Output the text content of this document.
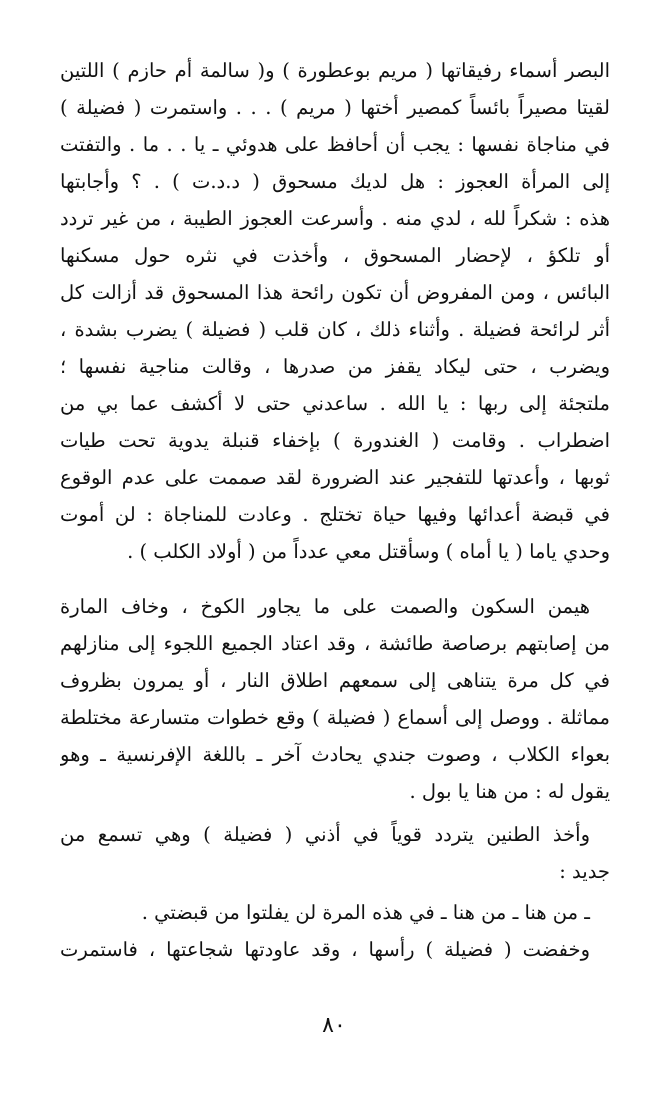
البصر أسماء رفيقاتها ( مريم بوعطورة ) و( سالمة أم حازم ) اللتين
لقيتا مصيراً بائساً كمصير أختها ( مريم ) . . . واستمرت ( فضيلة )
في مناجاة نفسها : يجب أن أحافظ على هدوئي ـ يا . . ما . والتفتت
إلى المرأة العجوز : هل لديك مسحوق ( د.د.ت ) . ؟ وأجابتها
هذه : شكراً لله ، لدي منه . وأسرعت العجوز الطيبة ، من غير تردد
أو تلكؤ ، لإحضار المسحوق ، وأخذت في نثره حول مسكنها
البائس ، ومن المفروض أن تكون رائحة هذا المسحوق قد أزالت كل
أثر لرائحة فضيلة . وأثناء ذلك ، كان قلب ( فضيلة ) يضرب بشدة ،
ويضرب ، حتى ليكاد يقفز من صدرها ، وقالت مناجية نفسها ؛
ملتجئة إلى ربها : يا الله . ساعدني حتى لا أكشف عما بي من
اضطراب . وقامت ( الغندورة ) بإخفاء قنبلة يدوية تحت طيات
ثوبها ، وأعدتها للتفجير عند الضرورة لقد صممت على عدم الوقوع
في قبضة أعدائها وفيها حياة تختلج . وعادت للمناجاة : لن أموت
وحدي ياما ( يا أماه ) وسأقتل معي عدداً من ( أولاد الكلب ) .
هيمن السكون والصمت على ما يجاور الكوخ ، وخاف المارة
من إصابتهم برصاصة طائشة ، وقد اعتاد الجميع اللجوء إلى منازلهم
في كل مرة يتناهى إلى سمعهم اطلاق النار ، أو يمرون بظروف
مماثلة . ووصل إلى أسماع ( فضيلة ) وقع خطوات متسارعة مختلطة
بعواء الكلاب ، وصوت جندي يحادث آخر ـ باللغة الإفرنسية ـ وهو
يقول له : من هنا يا بول .
وأخذ الطنين يتردد قوياً في أذني ( فضيلة ) وهي تسمع من
جديد :
ـ من هنا ـ من هنا ـ في هذه المرة لن يفلتوا من قبضتي .
وخفضت ( فضيلة ) رأسها ، وقد عاودتها شجاعتها ، فاستمرت
٨٠
